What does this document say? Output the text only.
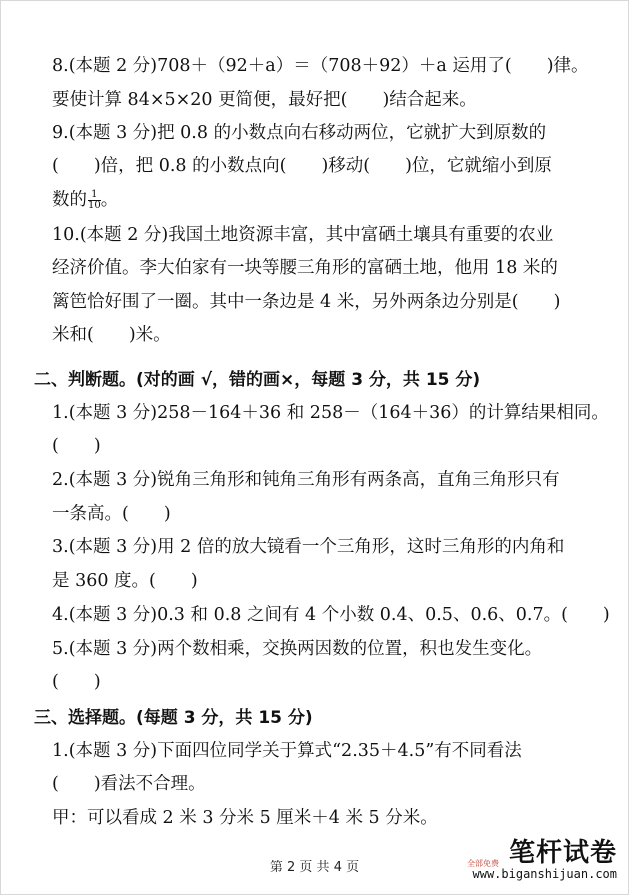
8.(本题 2 分)708＋（92＋a）＝（708＋92）＋a 运用了(　　)律。
要使计算 84×5×20 更简便，最好把(　　)结合起来。
9.(本题 3 分)把 0.8 的小数点向右移动两位，它就扩大到原数的
(　　)倍，把 0.8 的小数点向(　　)移动(　　)位，它就缩小到原
数的 $\frac{1}{10}$ 。
10.(本题 2 分)我国土地资源丰富，其中富硒土壤具有重要的农业
经济价值。李大伯家有一块等腰三角形的富硒土地，他用 18 米的
篱笆恰好围了一圈。其中一条边是 4 米，另外两条边分别是(　　)
米和(　　)米。
二、判断题。(对的画 √，错的画×，每题 3 分，共 15 分)
1.(本题 3 分)258－164＋36 和 258－（164＋36）的计算结果相同。
(　　)
2.(本题 3 分)锐角三角形和钝角三角形有两条高，直角三角形只有
一条高。(　　)
3.(本题 3 分)用 2 倍的放大镜看一个三角形，这时三角形的内角和
是 360 度。(　　)
4.(本题 3 分)0.3 和 0.8 之间有 4 个小数 0.4、0.5、0.6、0.7。(　　)
5.(本题 3 分)两个数相乘，交换两因数的位置，积也发生变化。
(　　)
三、选择题。(每题 3 分，共 15 分)
1.(本题 3 分)下面四位同学关于算式“2.35＋4.5”有不同看法
(　　)看法不合理。
甲：可以看成 2 米 3 分米 5 厘米＋4 米 5 分米。
第 2 页 共 4 页	全部免费 笔杆试卷
www.biganshijuan.com
